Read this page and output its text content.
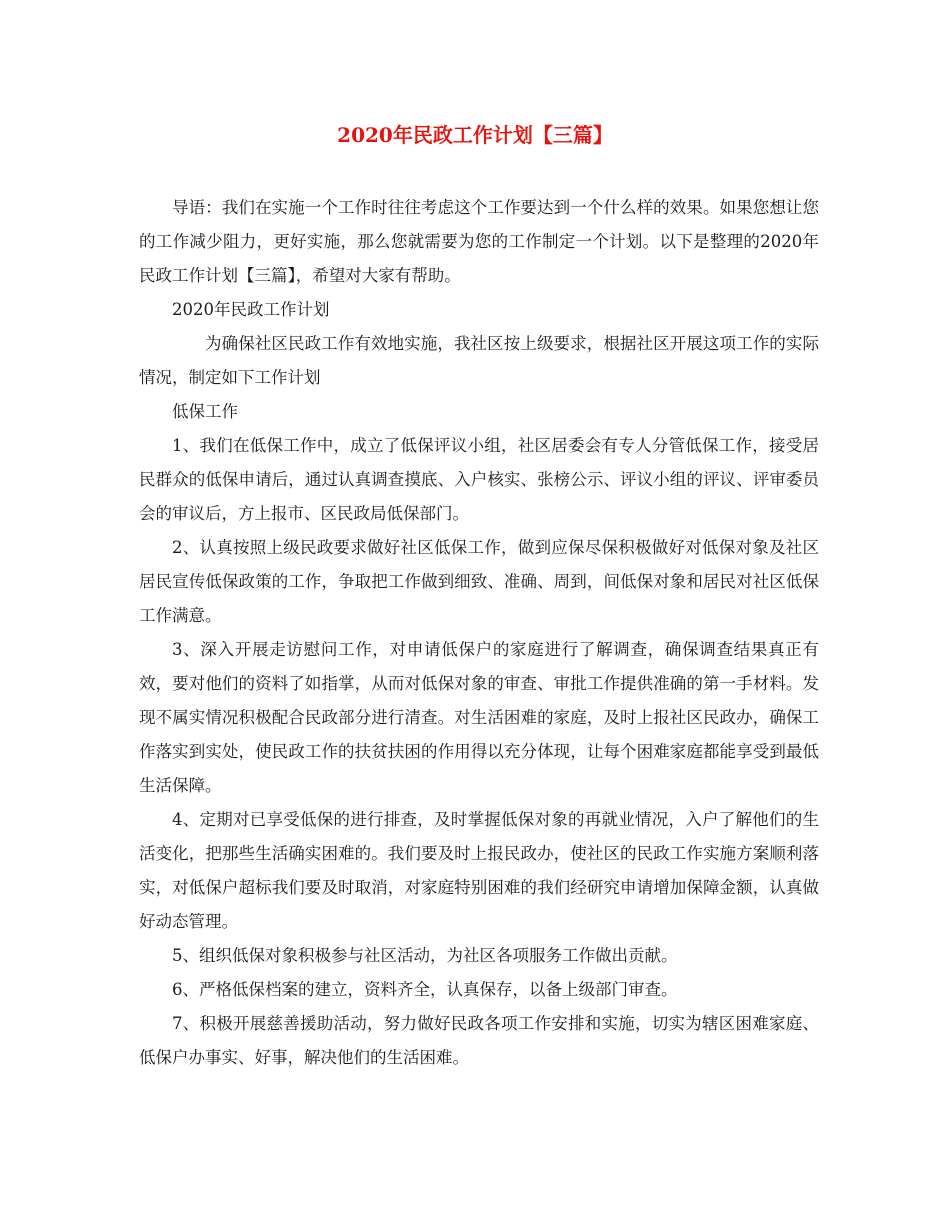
2020年民政工作计划【三篇】

导语：我们在实施一个工作时往往考虑这个工作要达到一个什么样的效果。如果您想让您的工作减少阻力，更好实施，那么您就需要为您的工作制定一个计划。以下是整理的2020年民政工作计划【三篇】，希望对大家有帮助。

2020年民政工作计划

为确保社区民政工作有效地实施，我社区按上级要求，根据社区开展这项工作的实际情况，制定如下工作计划

低保工作

1、我们在低保工作中，成立了低保评议小组，社区居委会有专人分管低保工作，接受居民群众的低保申请后，通过认真调查摸底、入户核实、张榜公示、评议小组的评议、评审委员会的审议后，方上报市、区民政局低保部门。

2、认真按照上级民政要求做好社区低保工作，做到应保尽保积极做好对低保对象及社区居民宣传低保政策的工作，争取把工作做到细致、准确、周到，间低保对象和居民对社区低保工作满意。

3、深入开展走访慰问工作，对申请低保户的家庭进行了解调查，确保调查结果真正有效，要对他们的资料了如指掌，从而对低保对象的审查、审批工作提供准确的第一手材料。发现不属实情况积极配合民政部分进行清查。对生活困难的家庭，及时上报社区民政办，确保工作落实到实处，使民政工作的扶贫扶困的作用得以充分体现，让每个困难家庭都能享受到最低生活保障。

4、定期对已享受低保的进行排查，及时掌握低保对象的再就业情况，入户了解他们的生活变化，把那些生活确实困难的。我们要及时上报民政办，使社区的民政工作实施方案顺利落实，对低保户超标我们要及时取消，对家庭特别困难的我们经研究申请增加保障金额，认真做好动态管理。

5、组织低保对象积极参与社区活动，为社区各项服务工作做出贡献。

6、严格低保档案的建立，资料齐全，认真保存，以备上级部门审查。

7、积极开展慈善援助活动，努力做好民政各项工作安排和实施，切实为辖区困难家庭、低保户办事实、好事，解决他们的生活困难。
